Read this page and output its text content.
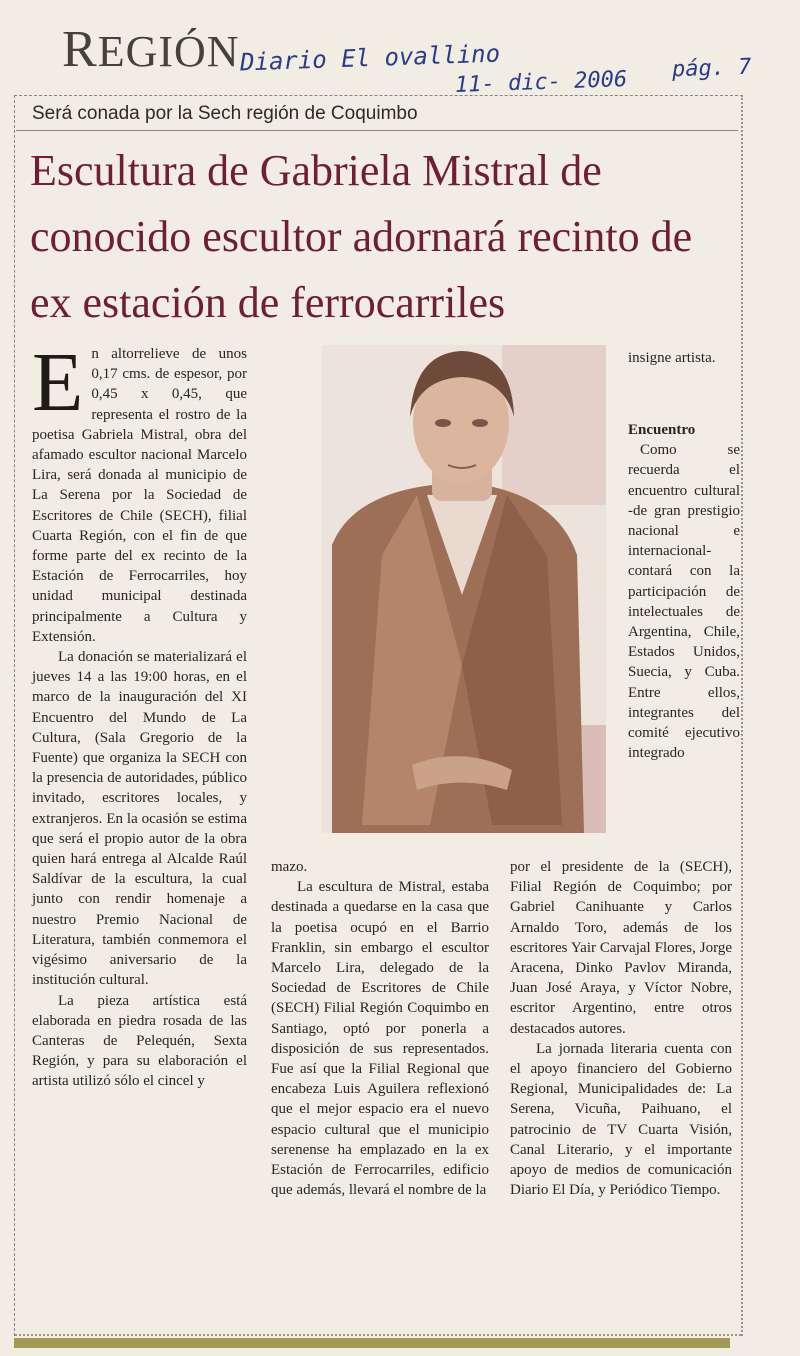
REGIÓN Diario El ovallino
11- dic- 2006 pág. 7
Será conada por la Sech región de Coquimbo
Escultura de Gabriela Mistral de conocido escultor adornará recinto de ex estación de ferrocarriles

En altorrelieve de unos 0,17 cms. de espesor, por 0,45 x 0,45, que representa el rostro de la poetisa Gabriela Mistral, obra del afamado escultor nacional Marcelo Lira, será donada al municipio de La Serena por la Sociedad de Escritores de Chile (SECH), filial Cuarta Región, con el fin de que forme parte del ex recinto de la Estación de Ferrocarriles, hoy unidad municipal destinada principalmente a Cultura y Extensión.

La donación se materializará el jueves 14 a las 19:00 horas, en el marco de la inauguración del XI Encuentro del Mundo de La Cultura, (Sala Gregorio de la Fuente) que organiza la SECH con la presencia de autoridades, público invitado, escritores locales, y extranjeros. En la ocasión se estima que será el propio autor de la obra quien hará entrega al Alcalde Raúl Saldívar de la escultura, la cual junto con rendir homenaje a nuestro Premio Nacional de Literatura, también conmemora el vigésimo aniversario de la institución cultural.

La pieza artística está elaborada en piedra rosada de las Canteras de Pelequén, Sexta Región, y para su elaboración el artista utilizó sólo el cincel y

insigne artista.

Encuentro

Como se recuerda el encuentro cultural -de gran prestigio nacional e internacional- contará con la participación de intelectuales de Argentina, Chile, Estados Unidos, Suecia, y Cuba. Entre ellos, integrantes del comité ejecutivo integrado

mazo.

La escultura de Mistral, estaba destinada a quedarse en la casa que la poetisa ocupó en el Barrio Franklin, sin embargo el escultor Marcelo Lira, delegado de la Sociedad de Escritores de Chile (SECH) Filial Región Coquimbo en Santiago, optó por ponerla a disposición de sus representados. Fue así que la Filial Regional que encabeza Luis Aguilera reflexionó que el mejor espacio era el nuevo espacio cultural que el municipio serenense ha emplazado en la ex Estación de Ferrocarriles, edificio que además, llevará el nombre de la

por el presidente de la (SECH), Filial Región de Coquimbo; por Gabriel Canihuante y Carlos Arnaldo Toro, además de los escritores Yair Carvajal Flores, Jorge Aracena, Dinko Pavlov Miranda, Juan José Araya, y Víctor Nobre, escritor Argentino, entre otros destacados autores.

La jornada literaria cuenta con el apoyo financiero del Gobierno Regional, Municipalidades de: La Serena, Vicuña, Paihuano, el patrocinio de TV Cuarta Visión, Canal Literario, y el importante apoyo de medios de comunicación Diario El Día, y Periódico Tiempo.
